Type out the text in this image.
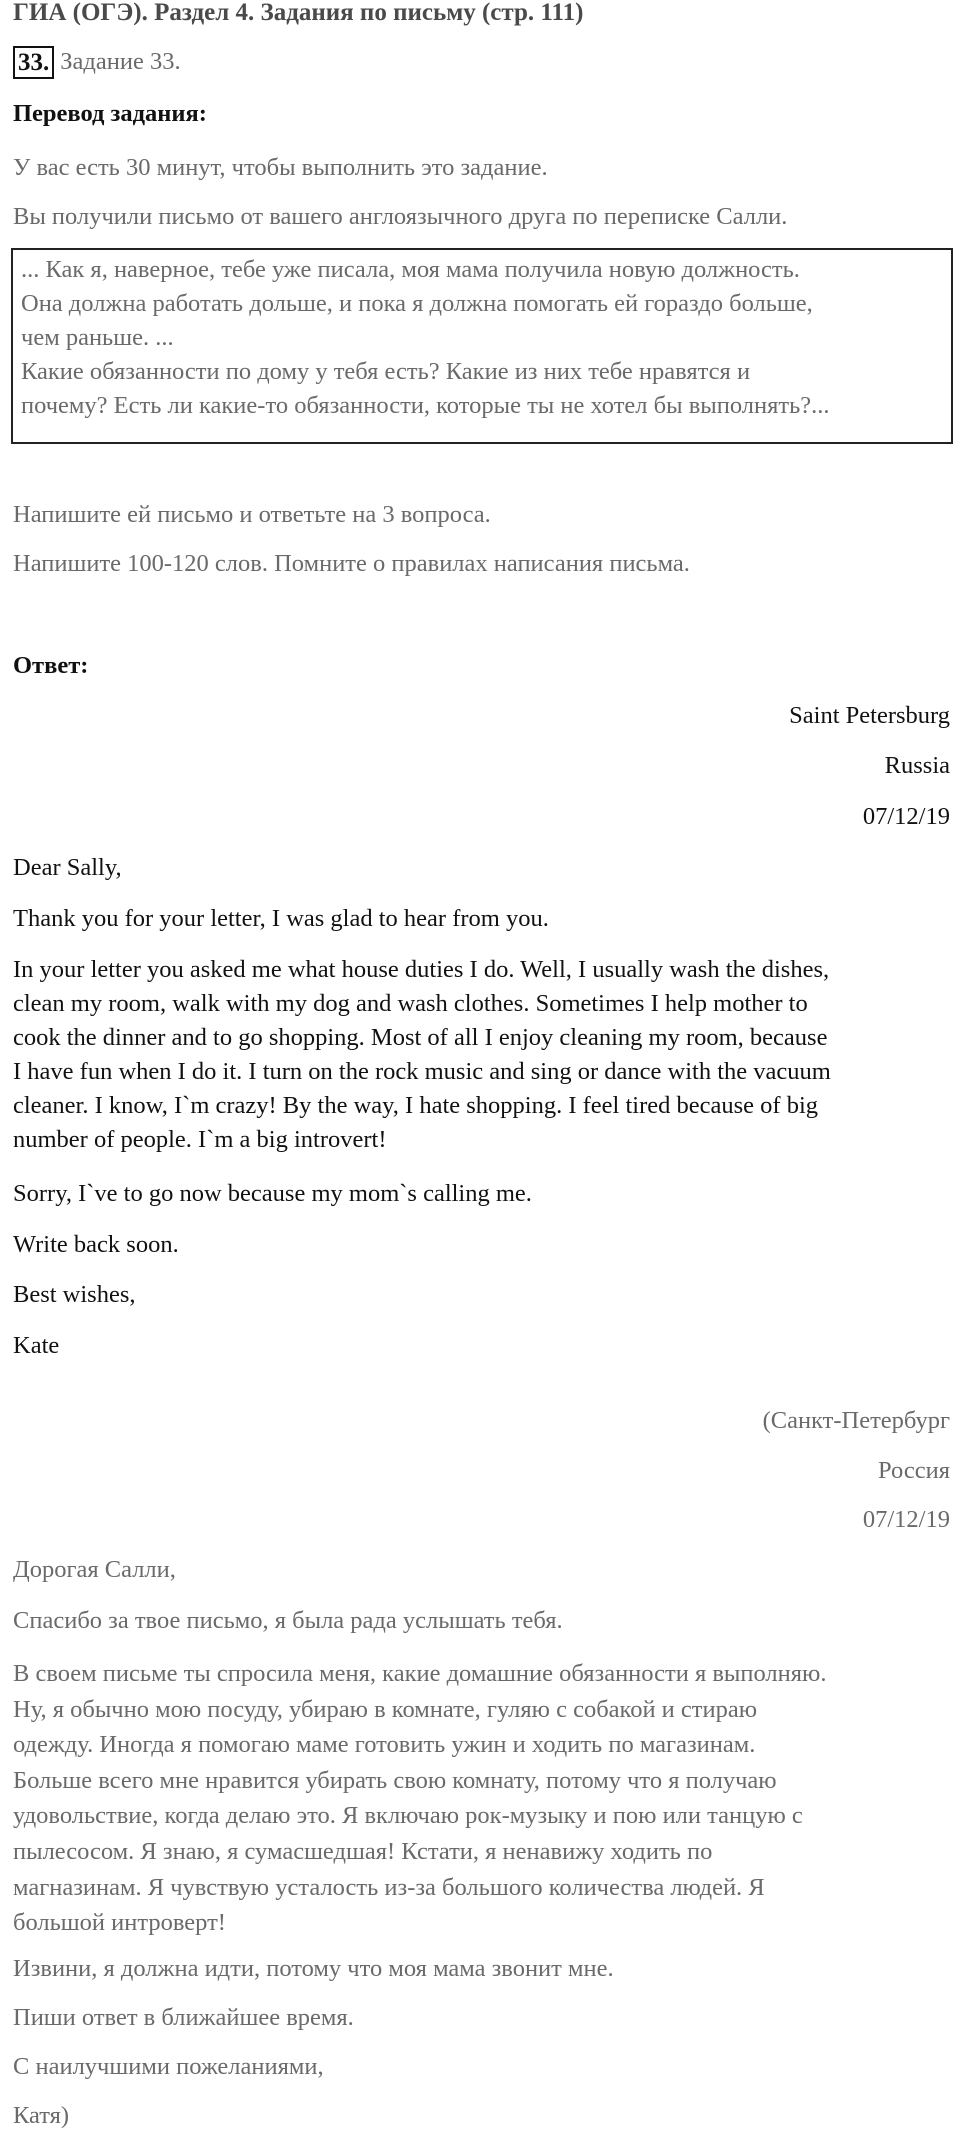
ГИА (ОГЭ). Раздел 4. Задания по письму (стр. 111)
33. Задание 33.
Перевод задания:
У вас есть 30 минут, чтобы выполнить это задание.
Вы получили письмо от вашего англоязычного друга по переписке Салли.
... Как я, наверное, тебе уже писала, моя мама получила новую должность.
Она должна работать дольше, и пока я должна помогать ей гораздо больше,
чем раньше. ...
Какие обязанности по дому у тебя есть? Какие из них тебе нравятся и
почему? Есть ли какие-то обязанности, которые ты не хотел бы выполнять?...
Напишите ей письмо и ответьте на 3 вопроса.
Напишите 100-120 слов. Помните о правилах написания письма.
Ответ:
Saint Petersburg
Russia
07/12/19
Dear Sally,
Thank you for your letter, I was glad to hear from you.
In your letter you asked me what house duties I do. Well, I usually wash the dishes,
clean my room, walk with my dog and wash clothes. Sometimes I help mother to
cook the dinner and to go shopping. Most of all I enjoy cleaning my room, because
I have fun when I do it. I turn on the rock music and sing or dance with the vacuum
cleaner. I know, I`m crazy! By the way, I hate shopping. I feel tired because of big
number of people. I`m a big introvert!
Sorry, I`ve to go now because my mom`s calling me.
Write back soon.
Best wishes,
Kate
(Санкт-Петербург
Россия
07/12/19
Дорогая Салли,
Спасибо за твое письмо, я была рада услышать тебя.
В своем письме ты спросила меня, какие домашние обязанности я выполняю.
Ну, я обычно мою посуду, убираю в комнате, гуляю с собакой и стираю
одежду. Иногда я помогаю маме готовить ужин и ходить по магазинам.
Больше всего мне нравится убирать свою комнату, потому что я получаю
удовольствие, когда делаю это. Я включаю рок-музыку и пою или танцую с
пылесосом. Я знаю, я сумасшедшая! Кстати, я ненавижу ходить по
магназинам. Я чувствую усталость из-за большого количества людей. Я
большой интроверт!
Извини, я должна идти, потому что моя мама звонит мне.
Пиши ответ в ближайшее время.
С наилучшими пожеланиями,
Катя)
